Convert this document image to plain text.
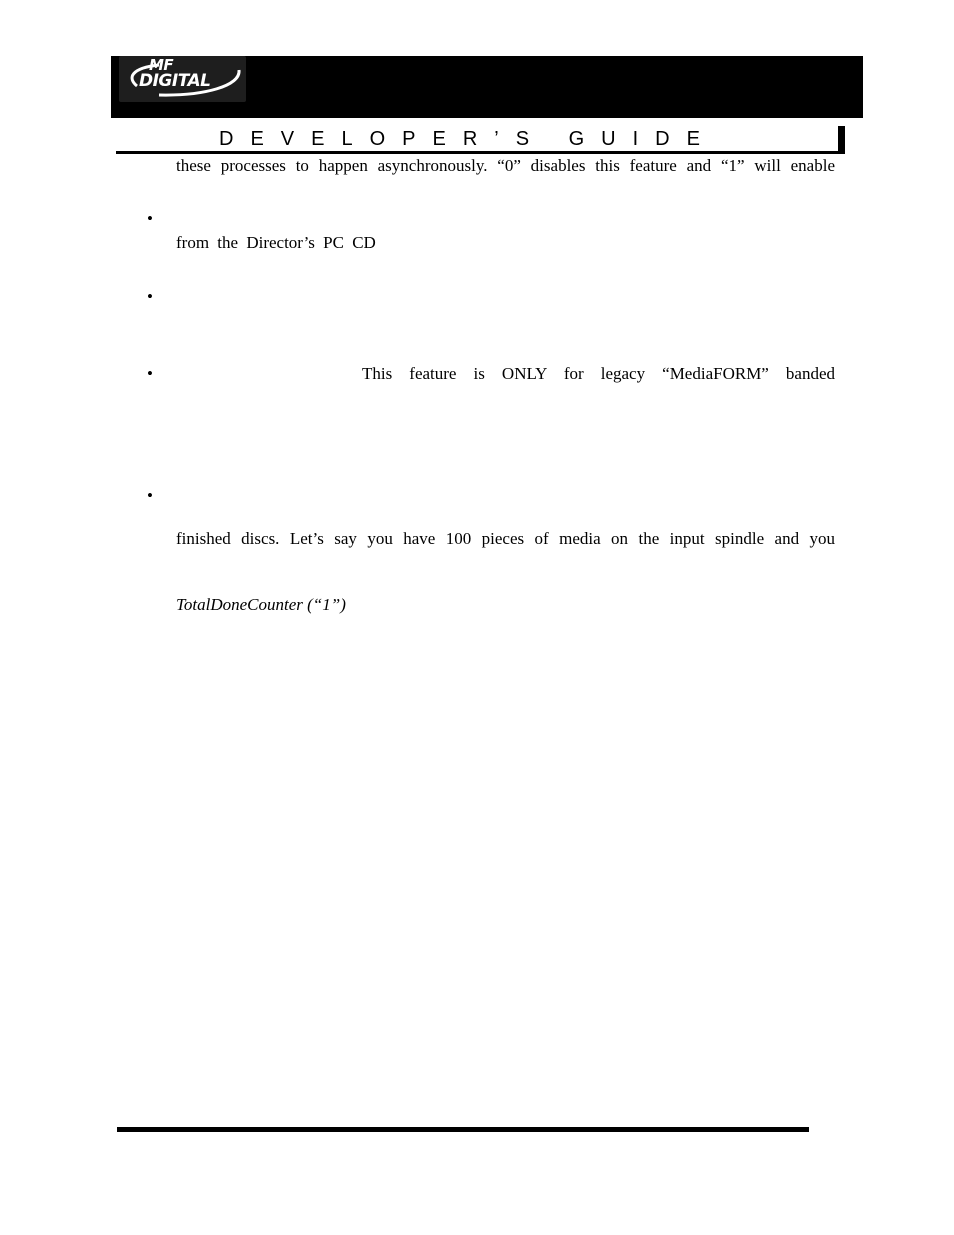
MF
DIGITAL
DEVELOPER’S GUIDE
these processes to happen asynchronously. “0” disables this feature and “1” will enable
•
from the Director’s PC CD
•
•	This feature is ONLY for legacy “MediaFORM” banded
•
finished discs. Let’s say you have 100 pieces of media on the input spindle and you
TotalDoneCounter (“1”)
